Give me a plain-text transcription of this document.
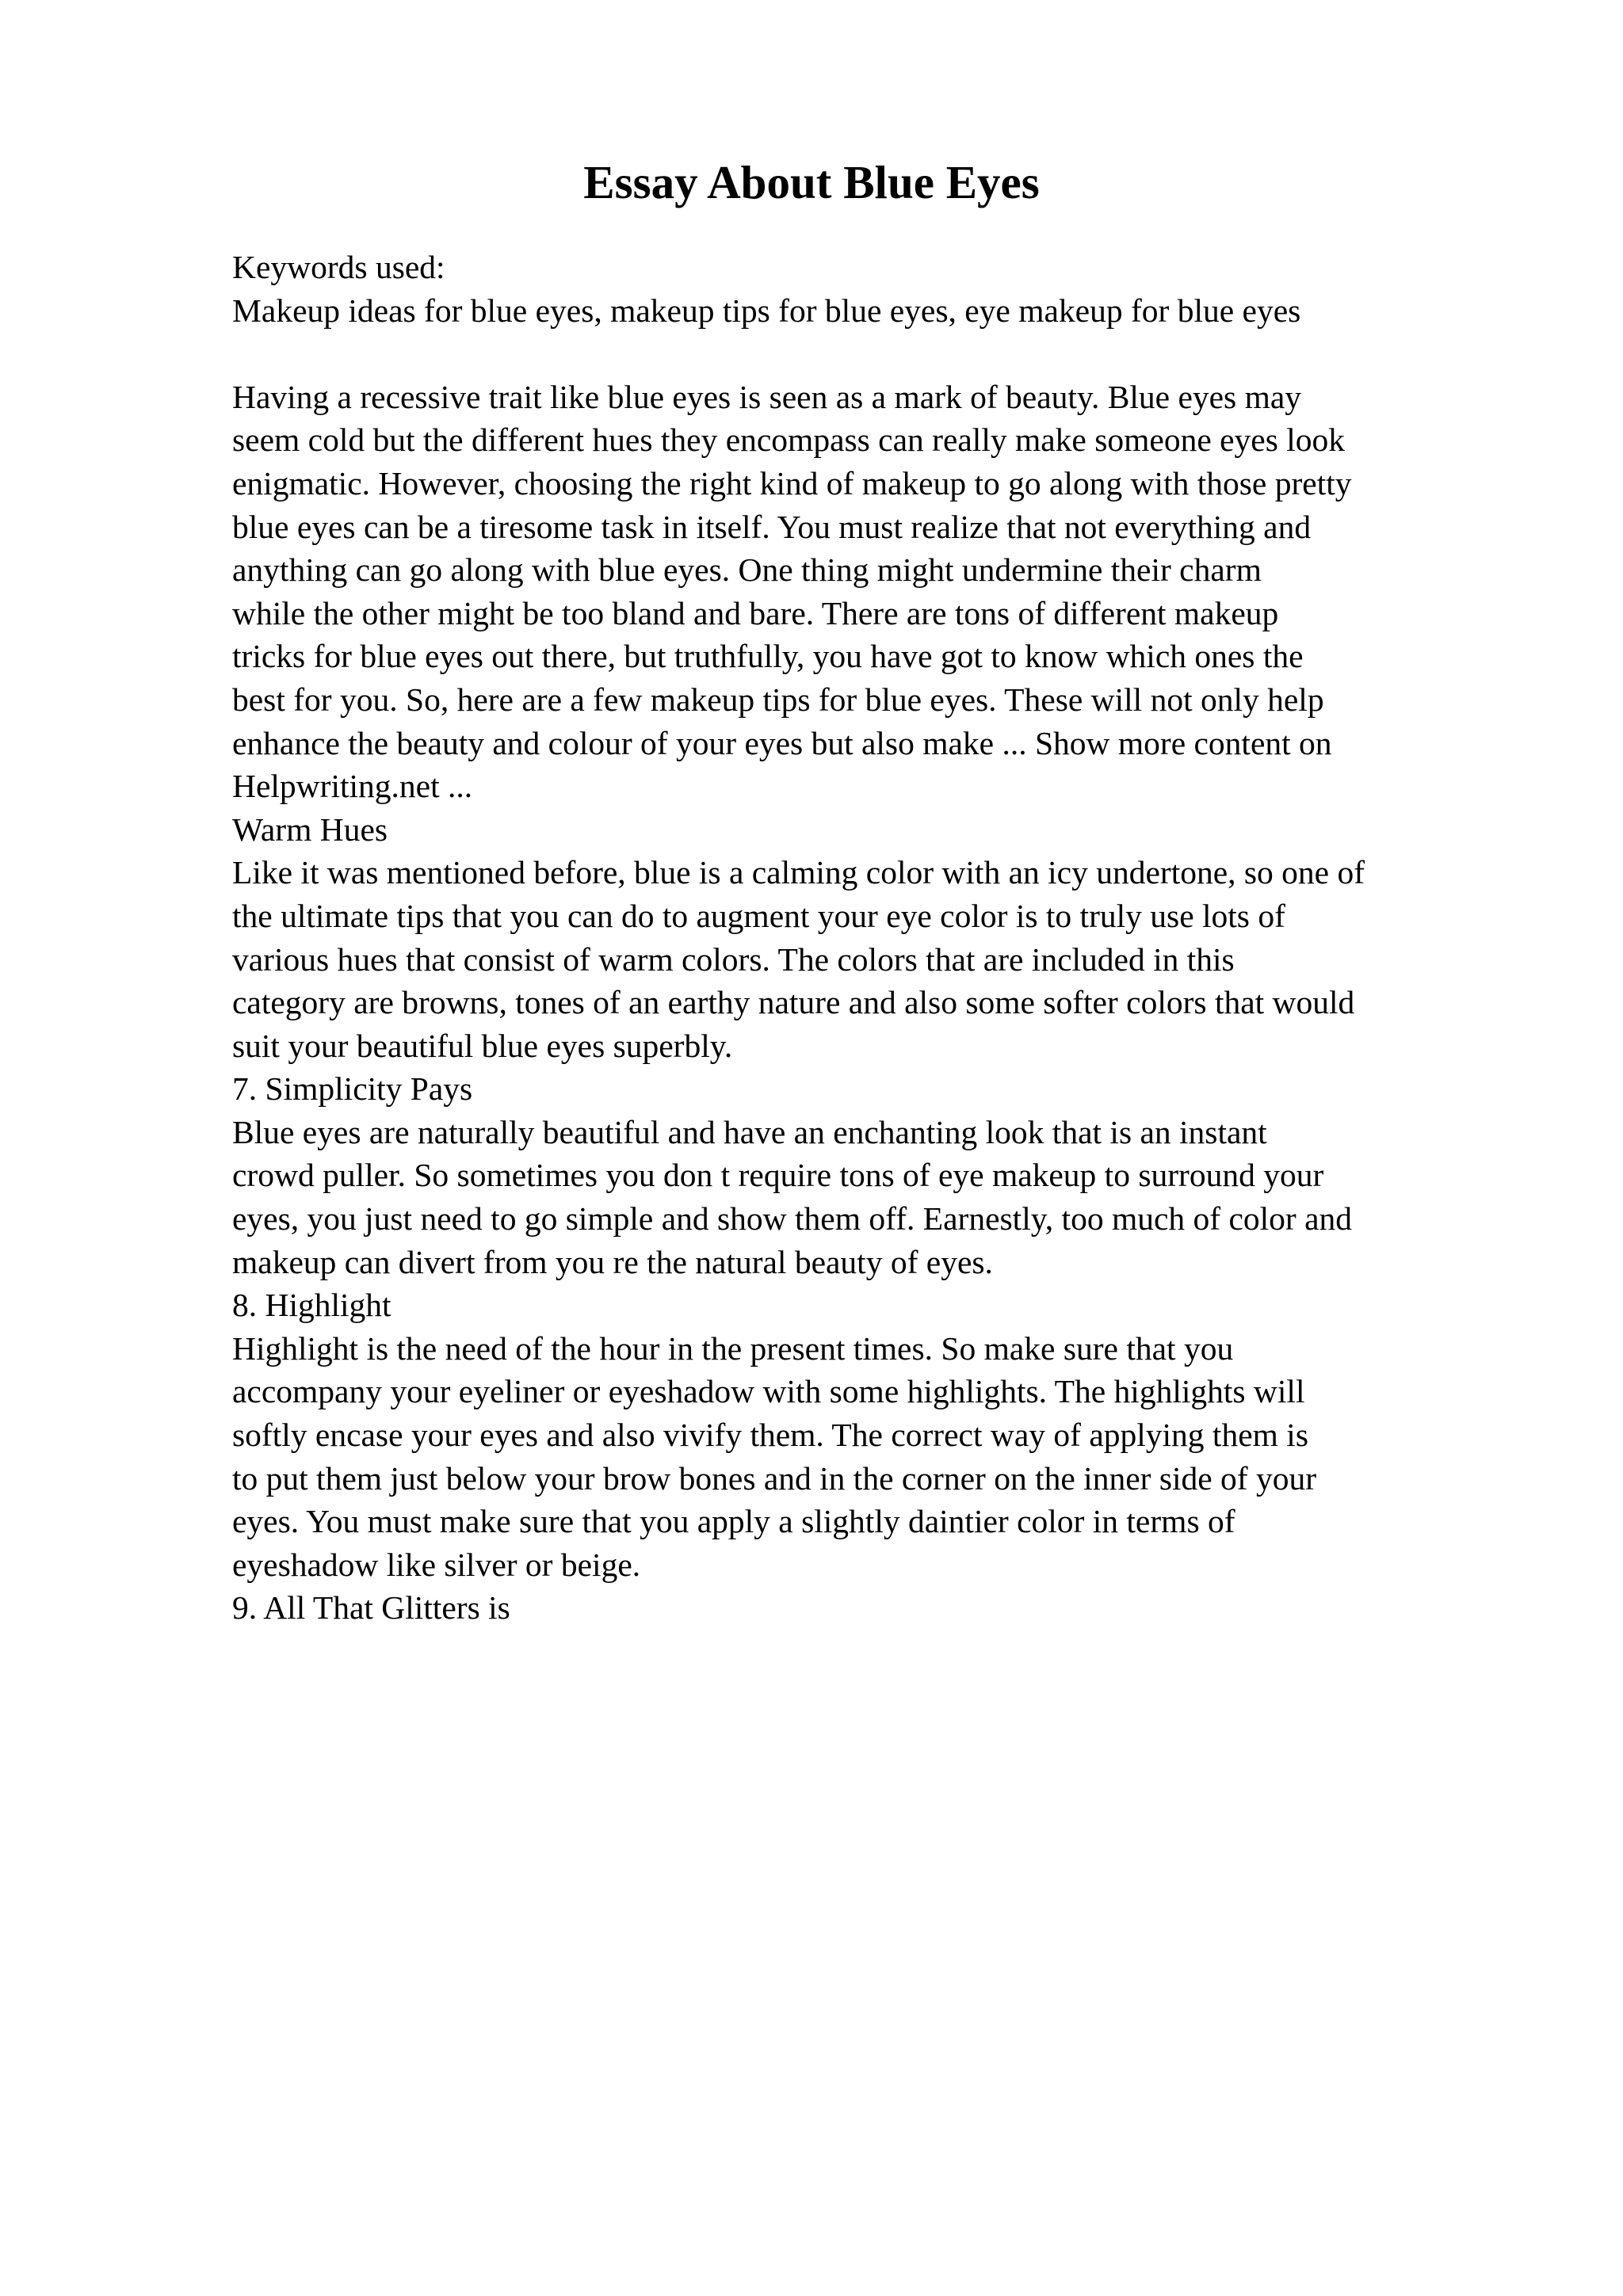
Essay About Blue Eyes
Keywords used:
Makeup ideas for blue eyes, makeup tips for blue eyes, eye makeup for blue eyes
Having a recessive trait like blue eyes is seen as a mark of beauty. Blue eyes may
seem cold but the different hues they encompass can really make someone eyes look
enigmatic. However, choosing the right kind of makeup to go along with those pretty
blue eyes can be a tiresome task in itself. You must realize that not everything and
anything can go along with blue eyes. One thing might undermine their charm
while the other might be too bland and bare. There are tons of different makeup
tricks for blue eyes out there, but truthfully, you have got to know which ones the
best for you. So, here are a few makeup tips for blue eyes. These will not only help
enhance the beauty and colour of your eyes but also make ... Show more content on
Helpwriting.net ...
Warm Hues
Like it was mentioned before, blue is a calming color with an icy undertone, so one of
the ultimate tips that you can do to augment your eye color is to truly use lots of
various hues that consist of warm colors. The colors that are included in this
category are browns, tones of an earthy nature and also some softer colors that would
suit your beautiful blue eyes superbly.
7. Simplicity Pays
Blue eyes are naturally beautiful and have an enchanting look that is an instant
crowd puller. So sometimes you don t require tons of eye makeup to surround your
eyes, you just need to go simple and show them off. Earnestly, too much of color and
makeup can divert from you re the natural beauty of eyes.
8. Highlight
Highlight is the need of the hour in the present times. So make sure that you
accompany your eyeliner or eyeshadow with some highlights. The highlights will
softly encase your eyes and also vivify them. The correct way of applying them is
to put them just below your brow bones and in the corner on the inner side of your
eyes. You must make sure that you apply a slightly daintier color in terms of
eyeshadow like silver or beige.
9. All That Glitters is
